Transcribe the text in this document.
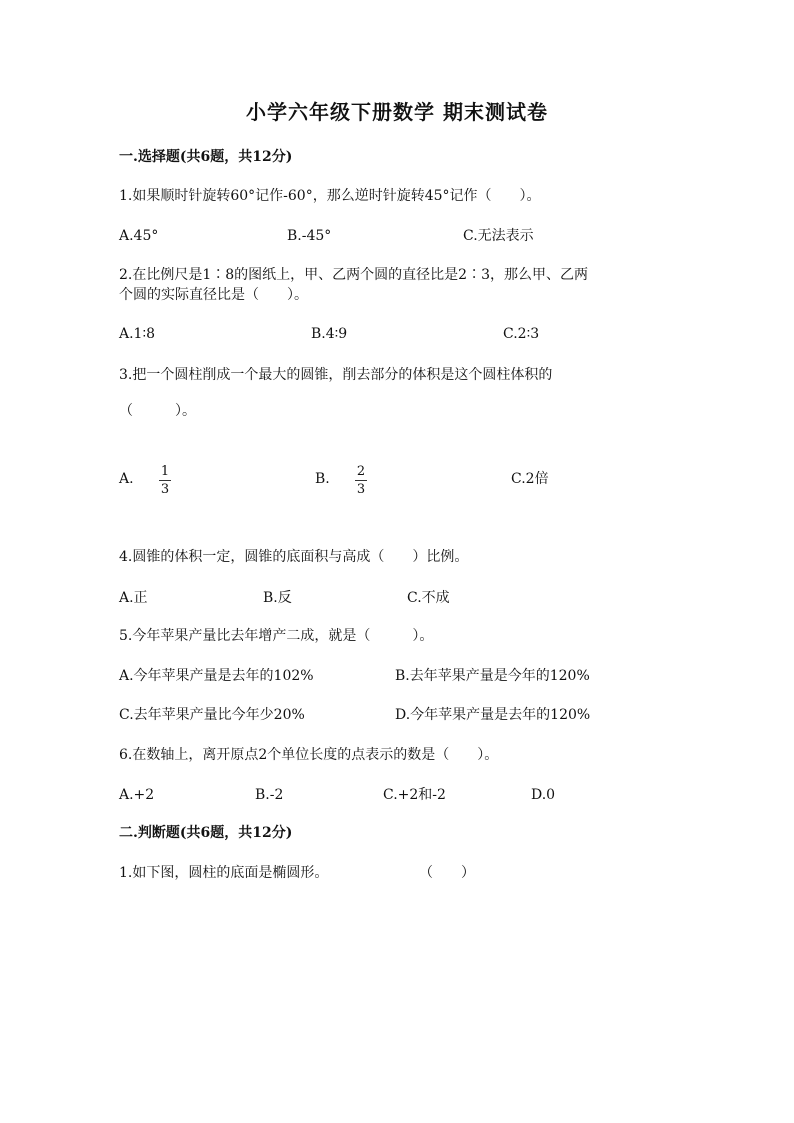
小学六年级下册数学 期末测试卷
一.选择题(共6题，共12分)
1.如果顺时针旋转60°记作-60°，那么逆时针旋转45°记作（　　）。
A.45°	B.-45°	C.无法表示
2.在比例尺是1∶8的图纸上，甲、乙两个圆的直径比是2∶3，那么甲、乙两
个圆的实际直径比是（　　）。
A.1∶8	B.4∶9	C.2∶3
3.把一个圆柱削成一个最大的圆锥，削去部分的体积是这个圆柱体积的
（　　　）。
A. 1
3
B. 2
3
C.2倍
4.圆锥的体积一定，圆锥的底面积与高成（　　）比例。
A.正	B.反	C.不成
5.今年苹果产量比去年增产二成，就是（　　　）。
A.今年苹果产量是去年的102%	B.去年苹果产量是今年的120%
C.去年苹果产量比今年少20%	D.今年苹果产量是去年的120%
6.在数轴上，离开原点2个单位长度的点表示的数是（　　）。
A.+2	B.-2	C.+2和-2	D.0
二.判断题(共6题，共12分)
1.如下图，圆柱的底面是椭圆形。	（　　）
